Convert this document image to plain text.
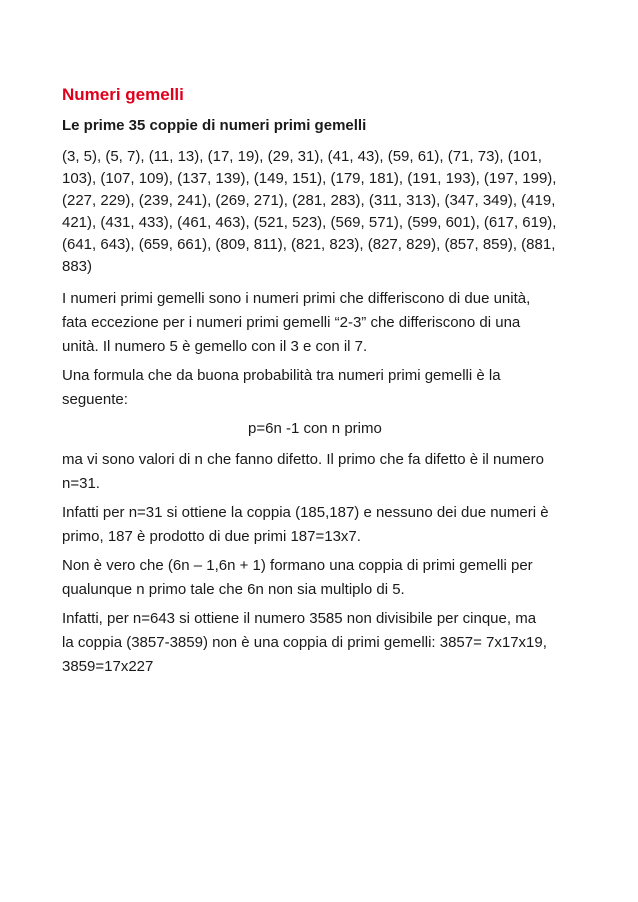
Numeri gemelli
Le prime 35 coppie di numeri primi gemelli
(3, 5), (5, 7), (11, 13), (17, 19), (29, 31), (41, 43), (59, 61), (71, 73), (101,
103), (107, 109), (137, 139), (149, 151), (179, 181), (191, 193), (197, 199),
(227, 229), (239, 241), (269, 271), (281, 283), (311, 313), (347, 349), (419,
421), (431, 433), (461, 463), (521, 523), (569, 571), (599, 601), (617, 619),
(641, 643), (659, 661), (809, 811), (821, 823), (827, 829), (857, 859), (881,
883)
I numeri primi gemelli sono i numeri primi che differiscono di due unità,
fata eccezione per i numeri primi gemelli “2-3” che differiscono di una
unità. Il numero 5 è gemello con il 3 e con il 7.
Una formula che da buona probabilità tra numeri primi gemelli è la
seguente:
p=6n -1 con n primo
ma vi sono valori di n che fanno difetto. Il primo che fa difetto è il numero
n=31.
Infatti per n=31 si ottiene la coppia (185,187) e nessuno dei due numeri è
primo, 187 è prodotto di due primi 187=13x7.
Non è vero che (6n – 1,6n + 1) formano una coppia di primi gemelli per
qualunque n primo tale che 6n non sia multiplo di 5.
Infatti, per n=643 si ottiene il numero 3585 non divisibile per cinque, ma
la coppia (3857-3859) non è una coppia di primi gemelli: 3857= 7x17x19,
3859=17x227
